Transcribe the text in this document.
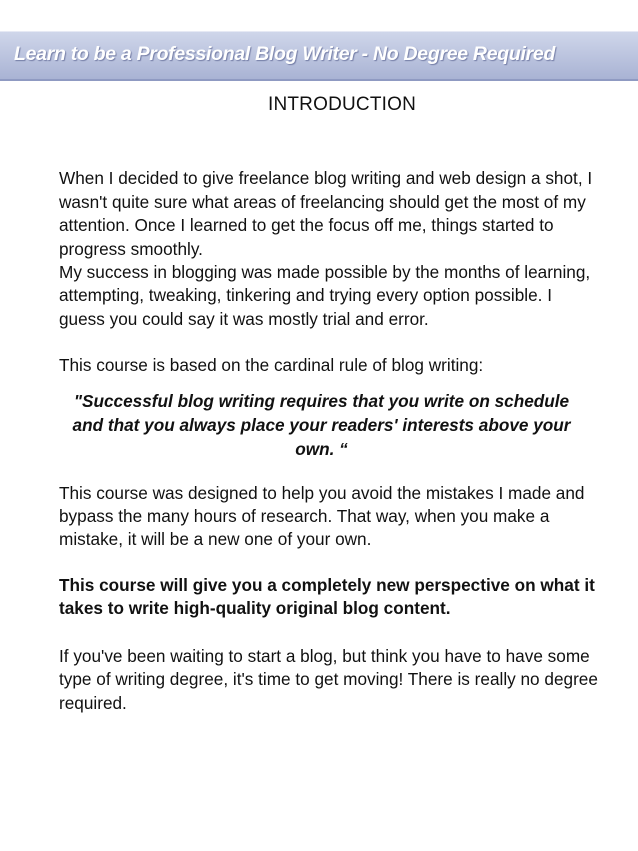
Learn to be a Professional Blog Writer - No Degree Required
INTRODUCTION

When I decided to give freelance blog writing and web design a shot, I wasn't quite sure what areas of freelancing should get the most of my attention. Once I learned to get the focus off me, things started to progress smoothly.

My success in blogging was made possible by the months of learning, attempting, tweaking, tinkering and trying every option possible. I guess you could say it was mostly trial and error.

This course is based on the cardinal rule of blog writing:

"Successful blog writing requires that you write on schedule and that you always place your readers' interests above your own. “

This course was designed to help you avoid the mistakes I made and bypass the many hours of research. That way, when you make a mistake, it will be a new one of your own.

This course will give you a completely new perspective on what it takes to write high-quality original blog content.

If you've been waiting to start a blog, but think you have to have some type of writing degree, it's time to get moving! There is really no degree required.
